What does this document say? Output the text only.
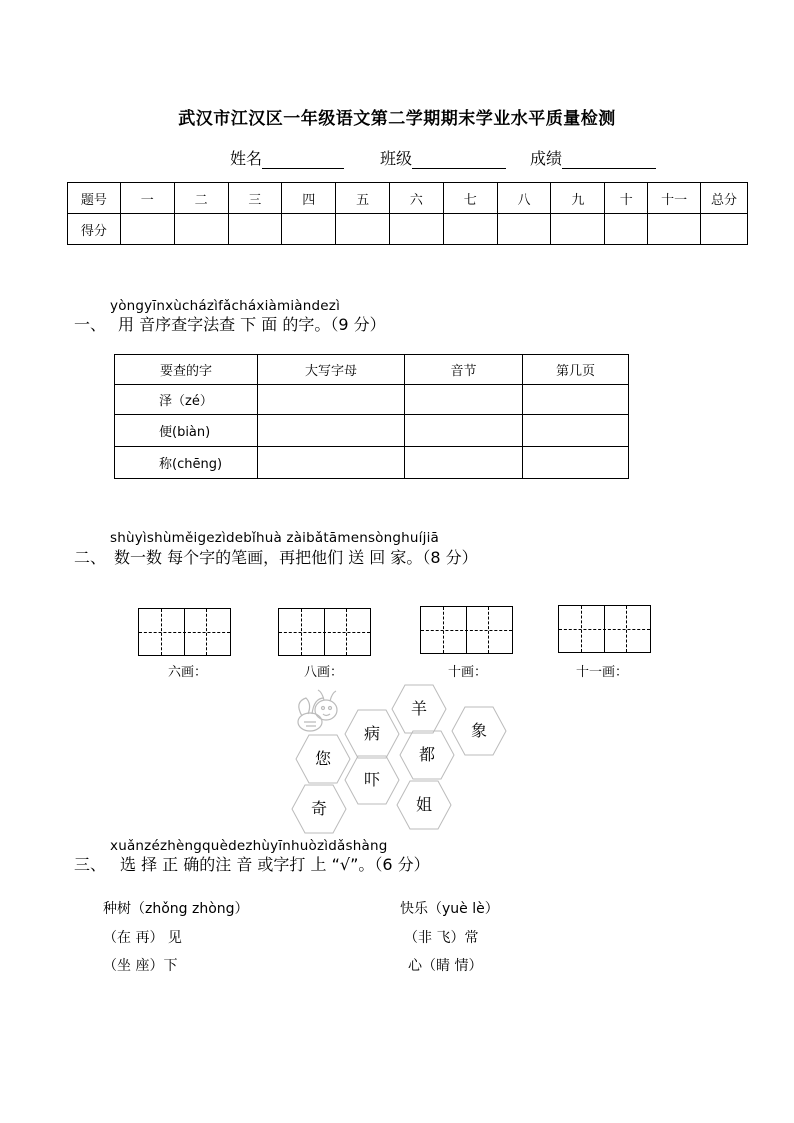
武汉市江汉区一年级语文第二学期期末学业水平质量检测
姓名	班级	成绩
题号	一	二	三	四	五	六	七	八	九	十	十一	总分
得分												
yòngyīnxùcházìfǎcháxiàmiàndezì
一、 用 音序查字法查 下 面 的字。（9 分）
要查的字	大写字母	音节	第几页
泽（zé）			
便(biàn)			
称(chēng)			
shùyìshùměigezìdebǐhuà zàibǎtāmensònghuíjiā
二、 数一数 每个字的笔画，再把他们 送 回 家。（8 分）
六画：	八画：	十画：	十一画：
羊
病	象
您	都
吓
奇	姐
xuǎnzézhèngquèdezhùyīnhuòzìdǎshàng
三、 选 择 正 确的注 音 或字打 上 “√”。（6 分）
种树（zhǒng zhòng）
（在 再） 见
（坐 座）下
快乐（yuè lè）
（非 飞）常
心（睛 情）
